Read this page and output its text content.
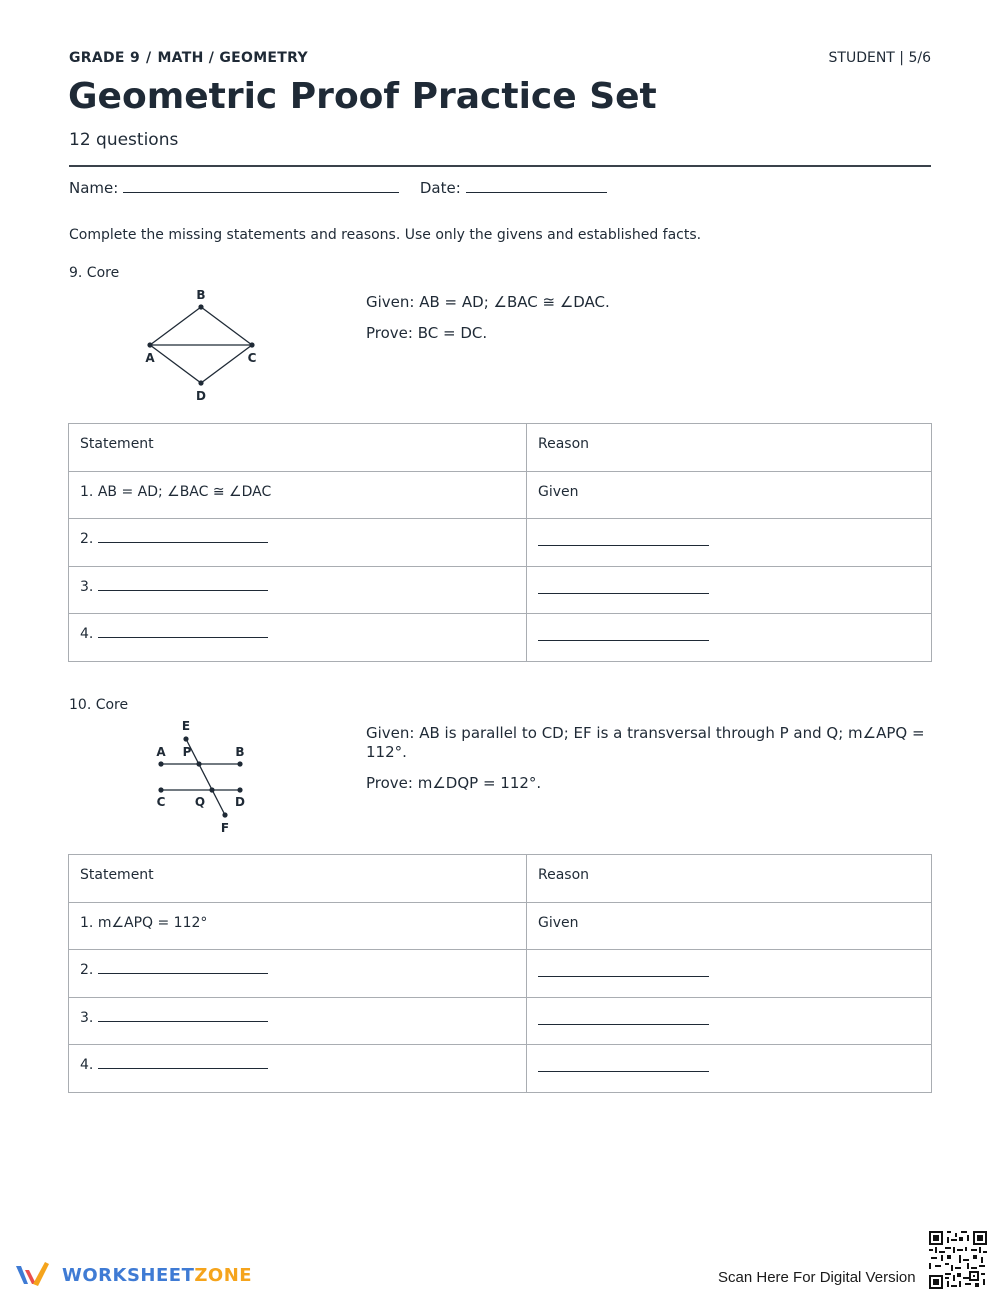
GRADE 9 / MATH / GEOMETRY	STUDENT | 5/6
Geometric Proof Practice Set
12 questions
Name:	Date:
Complete the missing statements and reasons. Use only the givens and established facts.
9. Core
B
A	C
D

Given: AB = AD; ∠BAC ≅ ∠DAC.

Prove: BC = DC.

Statement	Reason
1. AB = AD; ∠BAC ≅ ∠DAC	Given
2.	
3.	
4.	
10. Core
E
A P	B
C Q D
F

Given: AB is parallel to CD; EF is a transversal through P and Q; m∠APQ = 112°.

Prove: m∠DQP = 112°.

Statement	Reason
1. m∠APQ = 112°	Given
2.	
3.	
4.	
WORKSHEETZONE	Scan Here For Digital Version
